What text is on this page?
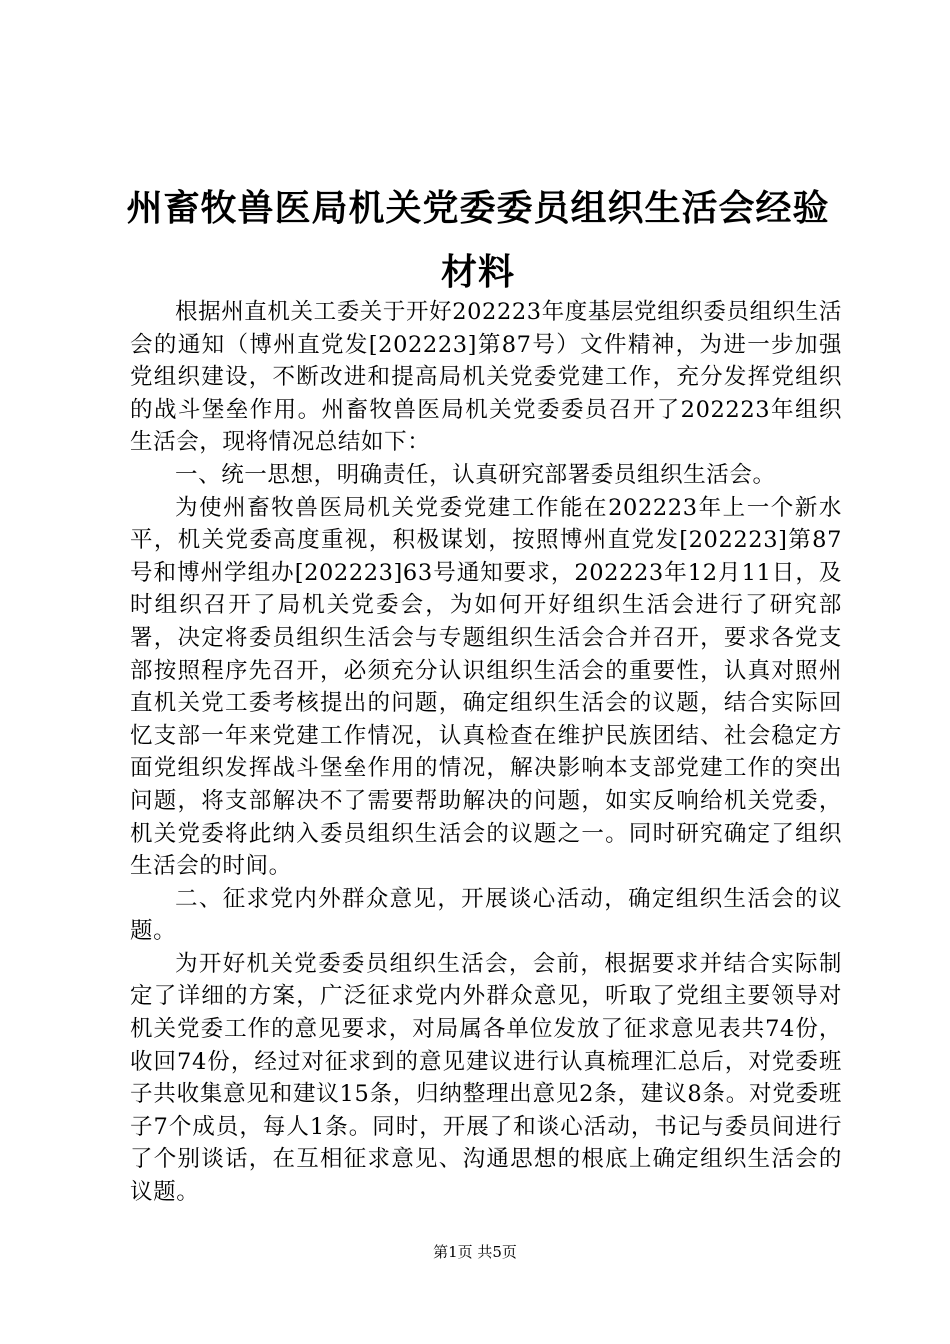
州畜牧兽医局机关党委委员组织生活会经验材料

根据州直机关工委关于开好202223年度基层党组织委员组织生活会的通知（博州直党发[202223]第87号）文件精神，为进一步加强党组织建设，不断改进和提高局机关党委党建工作，充分发挥党组织的战斗堡垒作用。州畜牧兽医局机关党委委员召开了202223年组织生活会，现将情况总结如下：

一、统一思想，明确责任，认真研究部署委员组织生活会。

为使州畜牧兽医局机关党委党建工作能在202223年上一个新水平，机关党委高度重视，积极谋划，按照博州直党发[202223]第87号和博州学组办[202223]63号通知要求，202223年12月11日，及时组织召开了局机关党委会，为如何开好组织生活会进行了研究部署，决定将委员组织生活会与专题组织生活会合并召开，要求各党支部按照程序先召开，必须充分认识组织生活会的重要性，认真对照州直机关党工委考核提出的问题，确定组织生活会的议题，结合实际回忆支部一年来党建工作情况，认真检查在维护民族团结、社会稳定方面党组织发挥战斗堡垒作用的情况，解决影响本支部党建工作的突出问题，将支部解决不了需要帮助解决的问题，如实反响给机关党委，机关党委将此纳入委员组织生活会的议题之一。同时研究确定了组织生活会的时间。

二、征求党内外群众意见，开展谈心活动，确定组织生活会的议题。

为开好机关党委委员组织生活会，会前，根据要求并结合实际制定了详细的方案，广泛征求党内外群众意见，听取了党组主要领导对机关党委工作的意见要求，对局属各单位发放了征求意见表共74份，收回74份，经过对征求到的意见建议进行认真梳理汇总后，对党委班子共收集意见和建议15条，归纳整理出意见2条，建议8条。对党委班子7个成员，每人1条。同时，开展了和谈心活动，书记与委员间进行了个别谈话，在互相征求意见、沟通思想的根底上确定组织生活会的议题。

第1页 共5页
